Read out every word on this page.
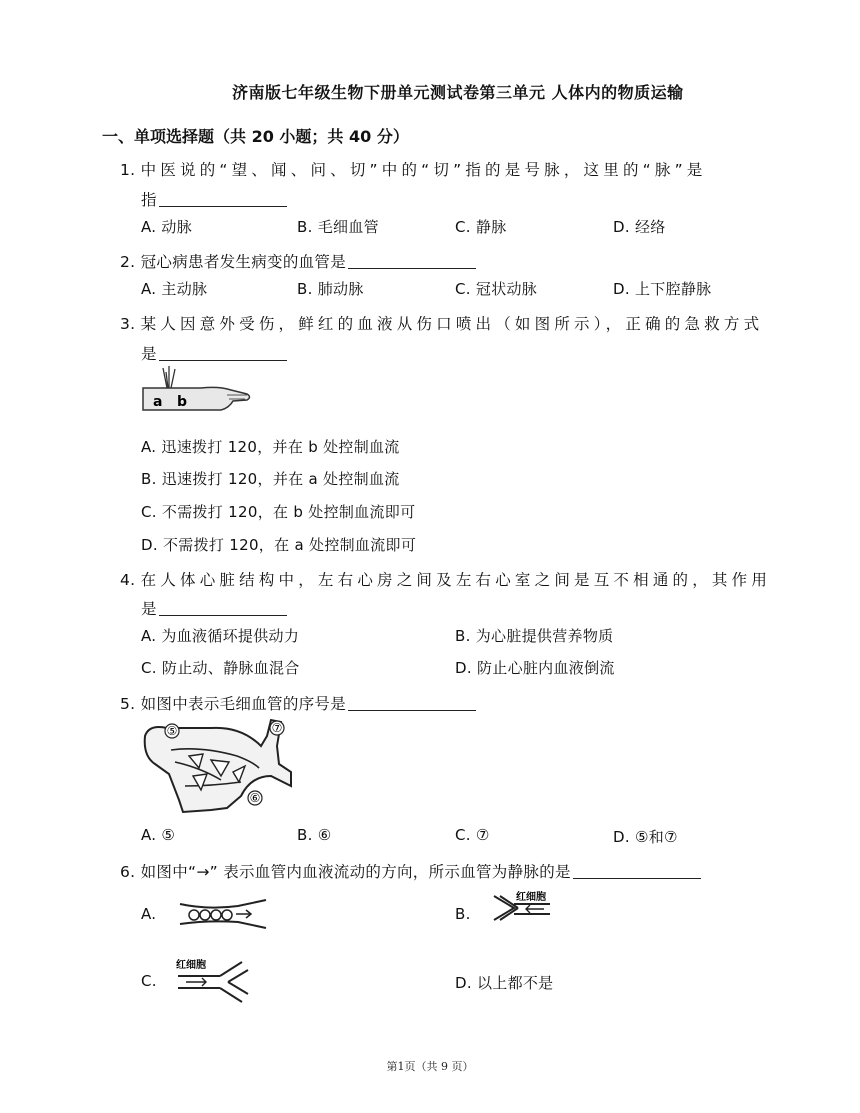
济南版七年级生物下册单元测试卷第三单元 人体内的物质运输
一、单项选择题（共 20 小题；共 40 分）
1. 中医说的“望、闻、问、切”中的“切”指的是号脉，这里的“脉”是
指
A. 动脉	B. 毛细血管	C. 静脉	D. 经络
2. 冠心病患者发生病变的血管是
A. 主动脉	B. 肺动脉	C. 冠状动脉	D. 上下腔静脉
3. 某人因意外受伤，鲜红的血液从伤口喷出（如图所示），正确的急救方式
是
a b
A. 迅速拨打 120，并在 b 处控制血流
B. 迅速拨打 120，并在 a 处控制血流
C. 不需拨打 120，在 b 处控制血流即可
D. 不需拨打 120，在 a 处控制血流即可
4. 在人体心脏结构中，左右心房之间及左右心室之间是互不相通的，其作用
是
A. 为血液循环提供动力	B. 为心脏提供营养物质
C. 防止动、静脉血混合	D. 防止心脏内血液倒流
5. 如图中表示毛细血管的序号是
⑤	⑦
⑥
A. ⑤	B. ⑥	C. ⑦	D. ⑤和⑦
6. 如图中“→” 表示血管内血液流动的方向，所示血管为静脉的是
A.	B.
红细胞
C.
红细胞
D. 以上都不是
第1页（共 9 页）
